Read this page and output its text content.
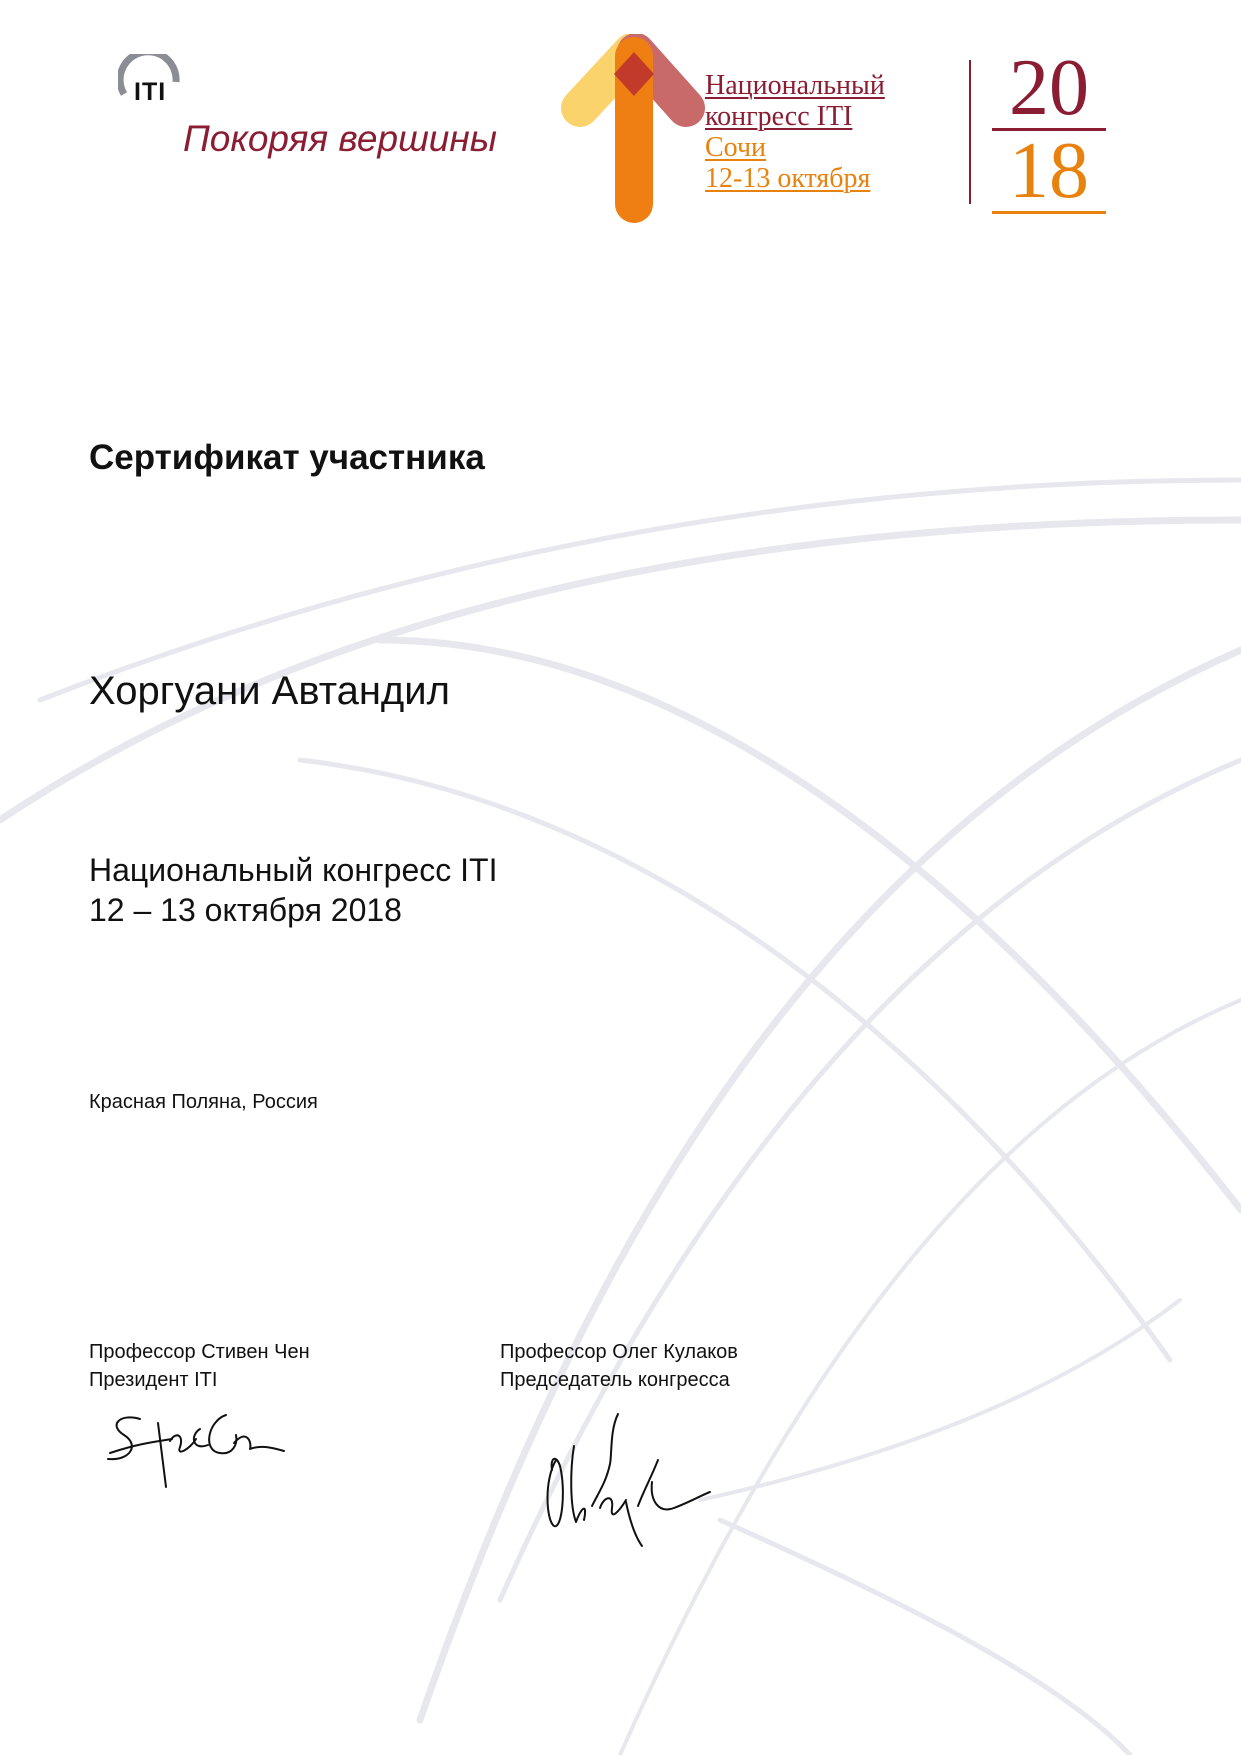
ITI
Покоряя вершины
Национальный
конгресс ITI
Сочи
12-13 октября
20
18
Сертификат участника
Хоргуани Автандил
Национальный конгресс ITI
12 – 13 октября 2018
Красная Поляна, Россия
Профессор Стивен Чен
Президент ITI
Профессор Олег Кулаков
Председатель конгресса
